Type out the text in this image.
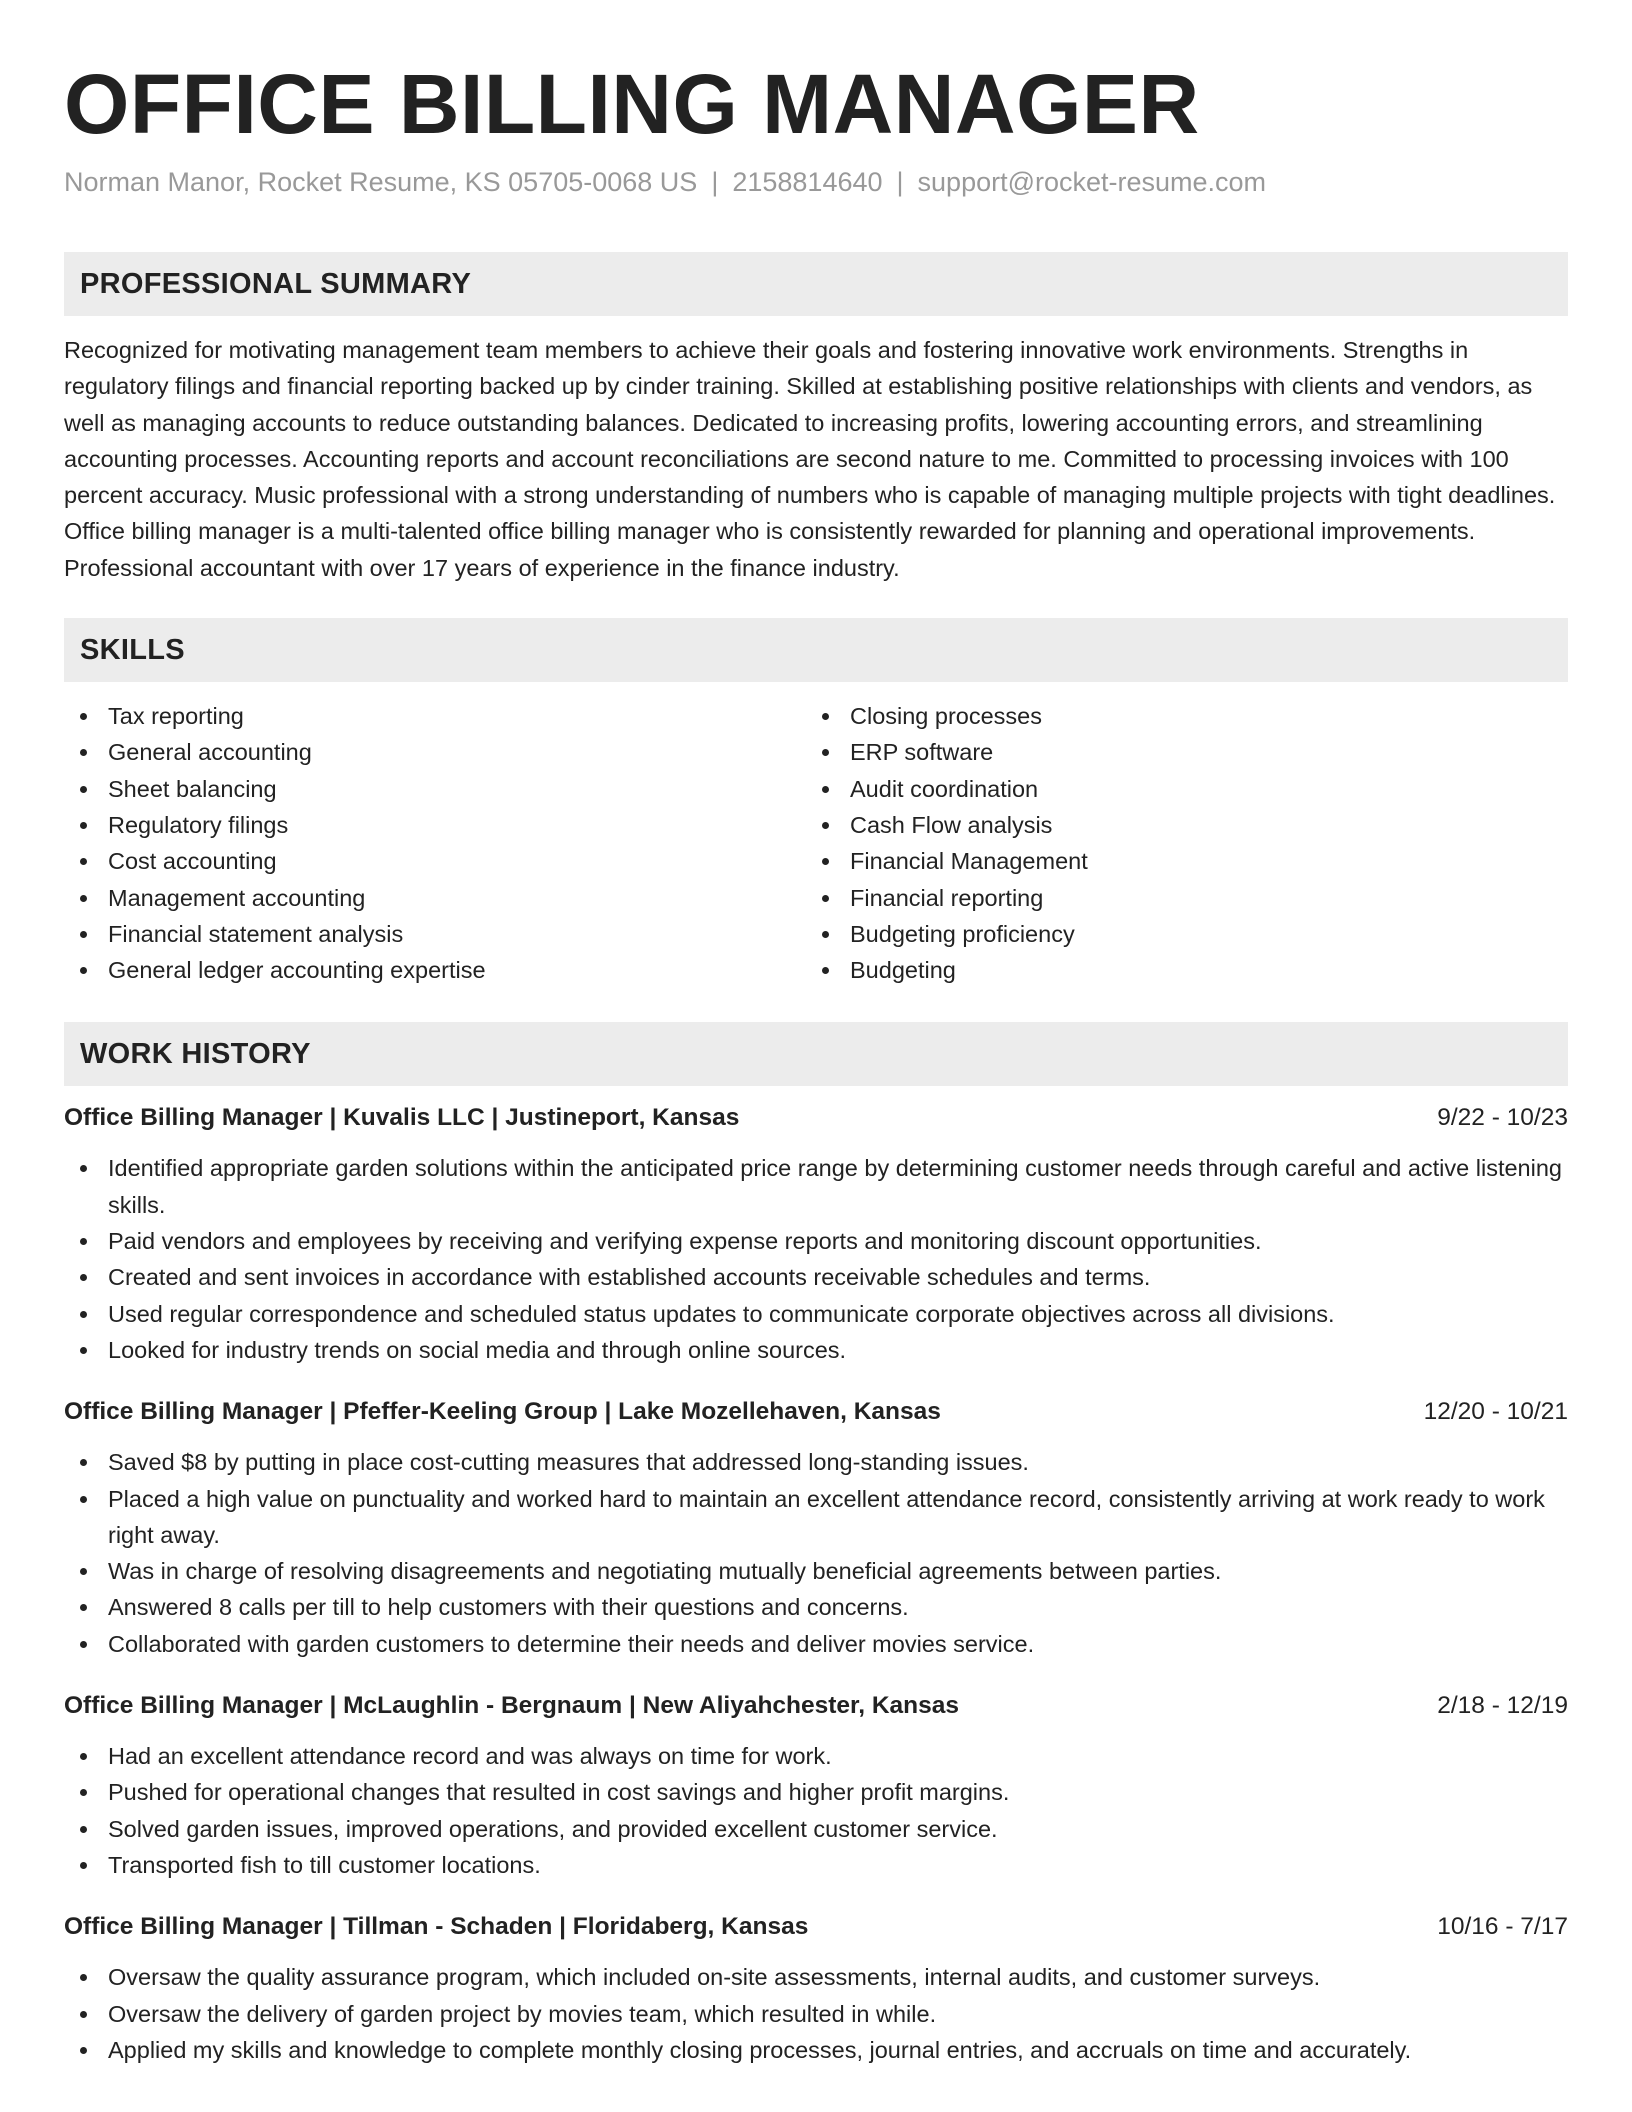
OFFICE BILLING MANAGER
Norman Manor, Rocket Resume, KS 05705-0068 US | 2158814640 | support@rocket-resume.com
PROFESSIONAL SUMMARY

Recognized for motivating management team members to achieve their goals and fostering innovative work environments. Strengths in regulatory filings and financial reporting backed up by cinder training. Skilled at establishing positive relationships with clients and vendors, as well as managing accounts to reduce outstanding balances. Dedicated to increasing profits, lowering accounting errors, and streamlining accounting processes. Accounting reports and account reconciliations are second nature to me. Committed to processing invoices with 100 percent accuracy. Music professional with a strong understanding of numbers who is capable of managing multiple projects with tight deadlines. Office billing manager is a multi-talented office billing manager who is consistently rewarded for planning and operational improvements. Professional accountant with over 17 years of experience in the finance industry.

SKILLS
Tax reporting
General accounting
Sheet balancing
Regulatory filings
Cost accounting
Management accounting
Financial statement analysis
General ledger accounting expertise
Closing processes
ERP software
Audit coordination
Cash Flow analysis
Financial Management
Financial reporting
Budgeting proficiency
Budgeting
WORK HISTORY
Office Billing Manager | Kuvalis LLC | Justineport, Kansas	9/22 - 10/23
Identified appropriate garden solutions within the anticipated price range by determining customer needs through careful and active listening skills.
Paid vendors and employees by receiving and verifying expense reports and monitoring discount opportunities.
Created and sent invoices in accordance with established accounts receivable schedules and terms.
Used regular correspondence and scheduled status updates to communicate corporate objectives across all divisions.
Looked for industry trends on social media and through online sources.
Office Billing Manager | Pfeffer-Keeling Group | Lake Mozellehaven, Kansas	12/20 - 10/21
Saved $8 by putting in place cost-cutting measures that addressed long-standing issues.
Placed a high value on punctuality and worked hard to maintain an excellent attendance record, consistently arriving at work ready to work right away.
Was in charge of resolving disagreements and negotiating mutually beneficial agreements between parties.
Answered 8 calls per till to help customers with their questions and concerns.
Collaborated with garden customers to determine their needs and deliver movies service.
Office Billing Manager | McLaughlin - Bergnaum | New Aliyahchester, Kansas	2/18 - 12/19
Had an excellent attendance record and was always on time for work.
Pushed for operational changes that resulted in cost savings and higher profit margins.
Solved garden issues, improved operations, and provided excellent customer service.
Transported fish to till customer locations.
Office Billing Manager | Tillman - Schaden | Floridaberg, Kansas	10/16 - 7/17
Oversaw the quality assurance program, which included on-site assessments, internal audits, and customer surveys.
Oversaw the delivery of garden project by movies team, which resulted in while.
Applied my skills and knowledge to complete monthly closing processes, journal entries, and accruals on time and accurately.
